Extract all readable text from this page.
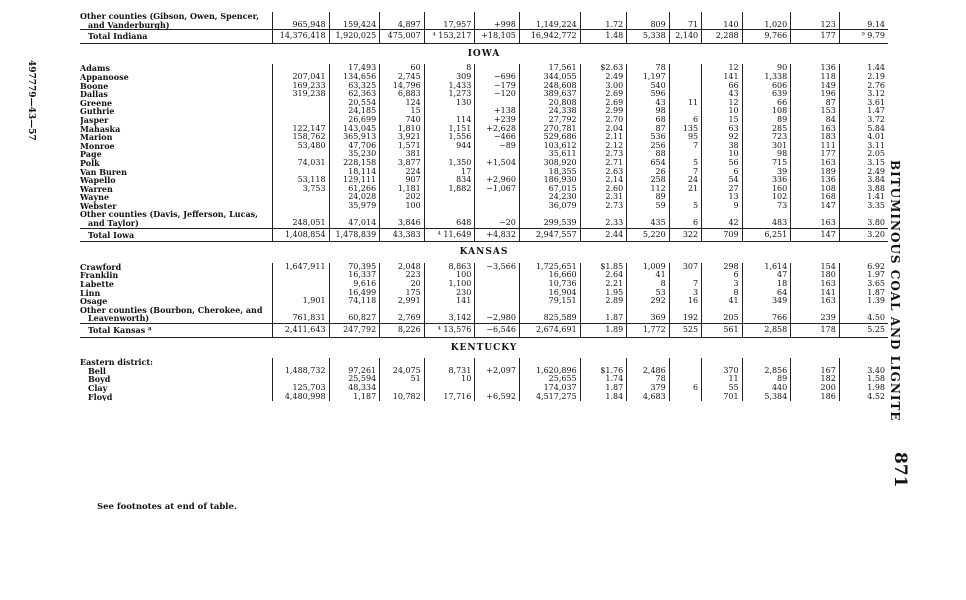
497779—43—57
Other counties (Gibson, Owen, Spencer,													
and Vanderburgh)	965,948	159,424	4,897	17,957	+998	1,149,224	1.72	809	71	140	1,020	123	9.14
Total Indiana	14,376,418	1,920,025	475,007	⁴ 153,217	+18,105	16,942,772	1.48	5,338	2,140	2,288	9,766	177	⁹ 9.79
IOWA													
Adams		17,493	60	8		17,561	$2.63	78		12	90	136	1.44
Appanoose	207,041	134,656	2,745	309	−696	344,055	2.49	1,197		141	1,338	118	2.19
Boone	169,233	63,325	14,796	1,433	−179	248,608	3.00	540		66	606	149	2.76
Dallas	319,238	62,363	6,883	1,273	−120	389,637	2.69	596		43	639	196	3.12
Greene		20,554	124	130		20,808	2.69	43	11	12	66	87	3.61
Guthrie		24,185	15		+138	24,338	2.99	98		10	108	153	1.47
Jasper		26,699	740	114	+239	27,792	2.70	68	6	15	89	84	3.72
Mahaska	122,147	143,045	1,810	1,151	+2,628	270,781	2.04	87	135	63	285	163	5.84
Marion	158,762	365,913	3,921	1,556	−466	529,686	2.11	536	95	92	723	183	4.01
Monroe	53,480	47,706	1,571	944	−89	103,612	2.12	256	7	38	301	111	3.11
Page		35,230	381			35,611	2.73	88		10	98	177	2.05
Polk	74,031	228,158	3,877	1,350	+1,504	308,920	2.71	654	5	56	715	163	3.15
Van Buren		18,114	224	17		18,355	2.63	26	7	6	39	189	2.49
Wapello	53,118	129,111	907	834	+2,960	186,930	2.14	258	24	54	336	136	3.84
Warren	3,753	61,266	1,181	1,882	−1,067	67,015	2.60	112	21	27	160	108	3.88
Wayne		24,028	202			24,230	2.31	89		13	102	168	1.41
Webster		35,979	100			36,079	2.73	59	5	9	73	147	3.35
Other counties (Davis, Jefferson, Lucas,													
and Taylor)	248,051	47,014	3,846	648	−20	299,539	2.33	435	6	42	483	163	3.80
Total Iowa	1,408,854	1,478,839	43,383	⁴ 11,649	+4,832	2,947,557	2.44	5,220	322	709	6,251	147	3.20
KANSAS													
Crawford	1,647,911	70,395	2,048	8,863	−3,566	1,725,651	$1.85	1,009	307	298	1,614	154	6.92
Franklin		16,337	223	100		16,660	2.64	41		6	47	180	1.97
Labette		9,616	20	1,100		10,736	2.21	8	7	3	18	163	3.65
Linn		16,499	175	230		16,904	1.95	53	3	8	64	141	1.87
Osage	1,901	74,118	2,991	141		79,151	2.89	292	16	41	349	163	1.39
Other counties (Bourbon, Cherokee, and													
Leavenworth)	761,831	60,827	2,769	3,142	−2,980	825,589	1.87	369	192	205	766	239	4.50
Total Kansas ⁸	2,411,643	247,792	8,226	⁴ 13,576	−6,546	2,674,691	1.89	1,772	525	561	2,858	178	5.25
KENTUCKY													
Eastern district:													
Bell	1,488,732	97,261	24,075	8,731	+2,097	1,620,896	$1.76	2,486		370	2,856	167	3.40
Boyd		25,594	51	10		25,655	1.74	78		11	89	182	1.58
Clay	125,703	48,334				174,037	1.87	379	6	55	440	200	1.98
Floyd	4,480,998	1,187	10,782	17,716	+6,592	4,517,275	1.84	4,683		701	5,384	186	4.52
See footnotes at end of table.
BITUMINOUS COAL AND LIGNITE
871
